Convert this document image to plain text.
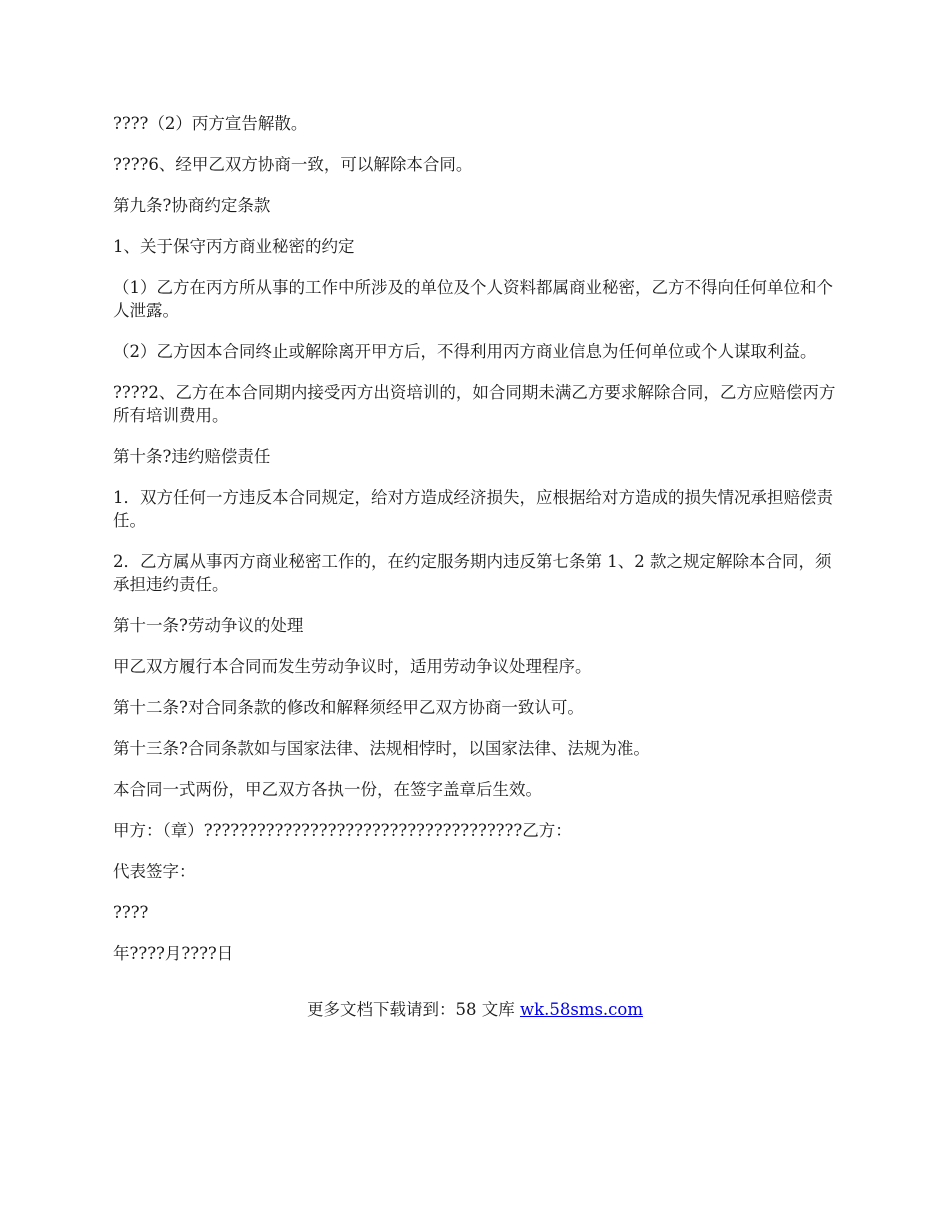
????（2）丙方宣告解散。

????6、经甲乙双方协商一致，可以解除本合同。

第九条?协商约定条款

1、关于保守丙方商业秘密的约定

（1）乙方在丙方所从事的工作中所涉及的单位及个人资料都属商业秘密，乙方不得向任何单位和个人泄露。

（2）乙方因本合同终止或解除离开甲方后，不得利用丙方商业信息为任何单位或个人谋取利益。

????2、乙方在本合同期内接受丙方出资培训的，如合同期未满乙方要求解除合同，乙方应赔偿丙方所有培训费用。

第十条?违约赔偿责任

1．双方任何一方违反本合同规定，给对方造成经济损失，应根据给对方造成的损失情况承担赔偿责任。

2．乙方属从事丙方商业秘密工作的，在约定服务期内违反第七条第 1、2 款之规定解除本合同，须承担违约责任。

第十一条?劳动争议的处理

甲乙双方履行本合同而发生劳动争议时，适用劳动争议处理程序。

第十二条?对合同条款的修改和解释须经甲乙双方协商一致认可。

第十三条?合同条款如与国家法律、法规相悖时，以国家法律、法规为准。

本合同一式两份，甲乙双方各执一份，在签字盖章后生效。

甲方：（章）????????????????????????????????????乙方：

代表签字：

????

年????月????日

更多文档下载请到：58 文库 wk.58sms.com
